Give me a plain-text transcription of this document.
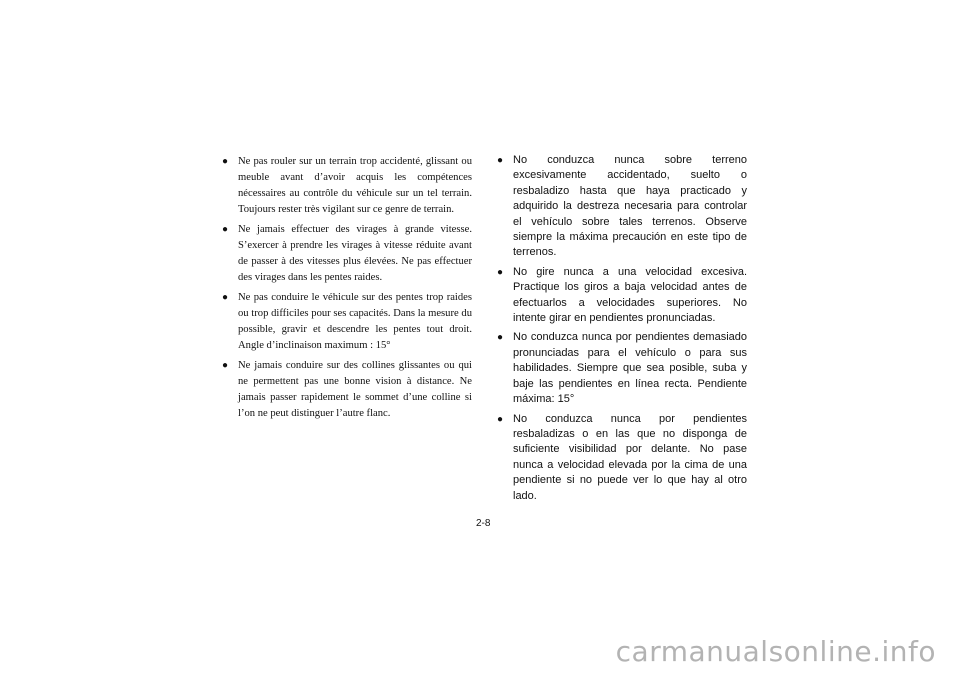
● Ne pas rouler sur un terrain trop accidenté, glissant ou meuble avant d’avoir acquis les compétences nécessaires au contrôle du véhicule sur un tel terrain. Toujours rester très vigilant sur ce genre de terrain.
● Ne jamais effectuer des virages à grande vitesse. S’exercer à prendre les virages à vitesse réduite avant de passer à des vitesses plus élevées. Ne pas effectuer des virages dans les pentes raides.
● Ne pas conduire le véhicule sur des pentes trop raides ou trop difficiles pour ses capacités. Dans la mesure du possible, gravir et descendre les pentes tout droit. Angle d’inclinaison maximum : 15°
● Ne jamais conduire sur des collines glissantes ou qui ne permettent pas une bonne vision à distance. Ne jamais passer rapidement le sommet d’une colline si l’on ne peut distinguer l’autre flanc.
● No conduzca nunca sobre terreno excesivamente accidentado, suelto o resbaladizo hasta que haya practicado y adquirido la destreza necesaria para controlar el vehículo sobre tales terrenos. Observe siempre la máxima precaución en este tipo de terrenos.
● No gire nunca a una velocidad excesiva. Practique los giros a baja velocidad antes de efectuarlos a velocidades superiores. No intente girar en pendientes pronunciadas.
● No conduzca nunca por pendientes demasiado pronunciadas para el vehículo o para sus habilidades. Siempre que sea posible, suba y baje las pendientes en línea recta. Pendiente máxima: 15°
● No conduzca nunca por pendientes resbaladizas o en las que no disponga de suficiente visibilidad por delante. No pase nunca a velocidad elevada por la cima de una pendiente si no puede ver lo que hay al otro lado.
2-8
carmanualsonline.info
